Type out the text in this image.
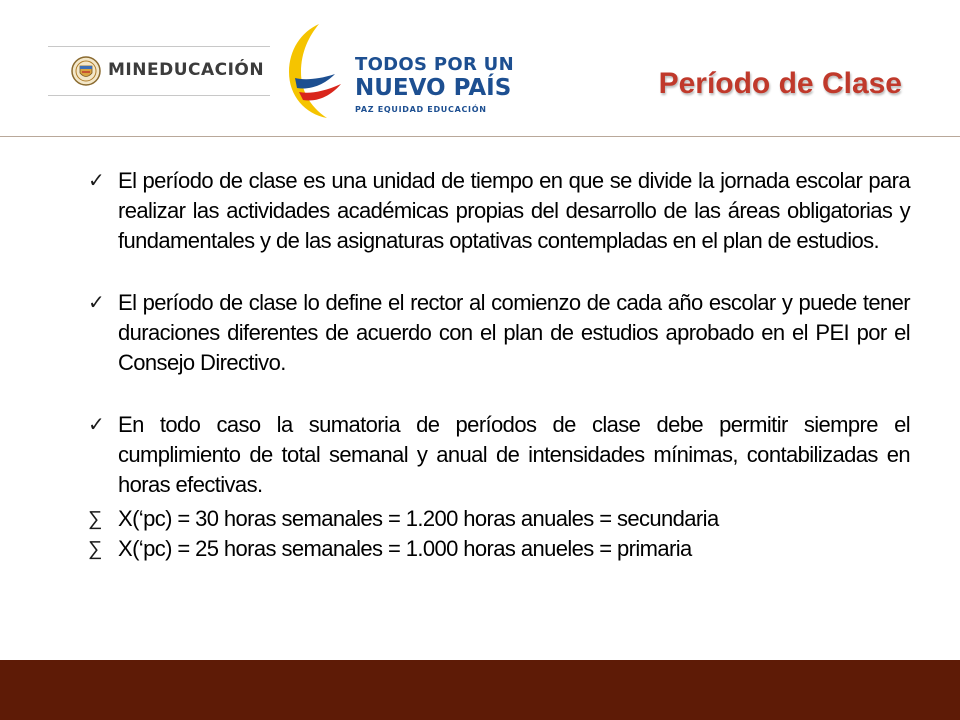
MINEDUCACIÓN	TODOS POR UN
NUEVO PAÍS
PAZ EQUIDAD EDUCACIÓN
Período de Clase
✓ El período de clase es una unidad de tiempo en que se divide la jornada escolar para realizar las actividades académicas propias del desarrollo de las áreas obligatorias y fundamentales y de las asignaturas optativas contempladas en el plan de estudios.
✓ El período de clase lo define el rector al comienzo de cada año escolar y puede tener duraciones diferentes de acuerdo con el plan de estudios aprobado en el PEI por el Consejo Directivo.
✓ En todo caso la sumatoria de períodos de clase debe permitir siempre el cumplimiento de total semanal y anual de intensidades mínimas, contabilizadas en horas efectivas.
∑ X(‘pc) = 30 horas semanales = 1.200 horas anuales = secundaria
∑ X(‘pc) = 25 horas semanales = 1.000 horas anueles = primaria
